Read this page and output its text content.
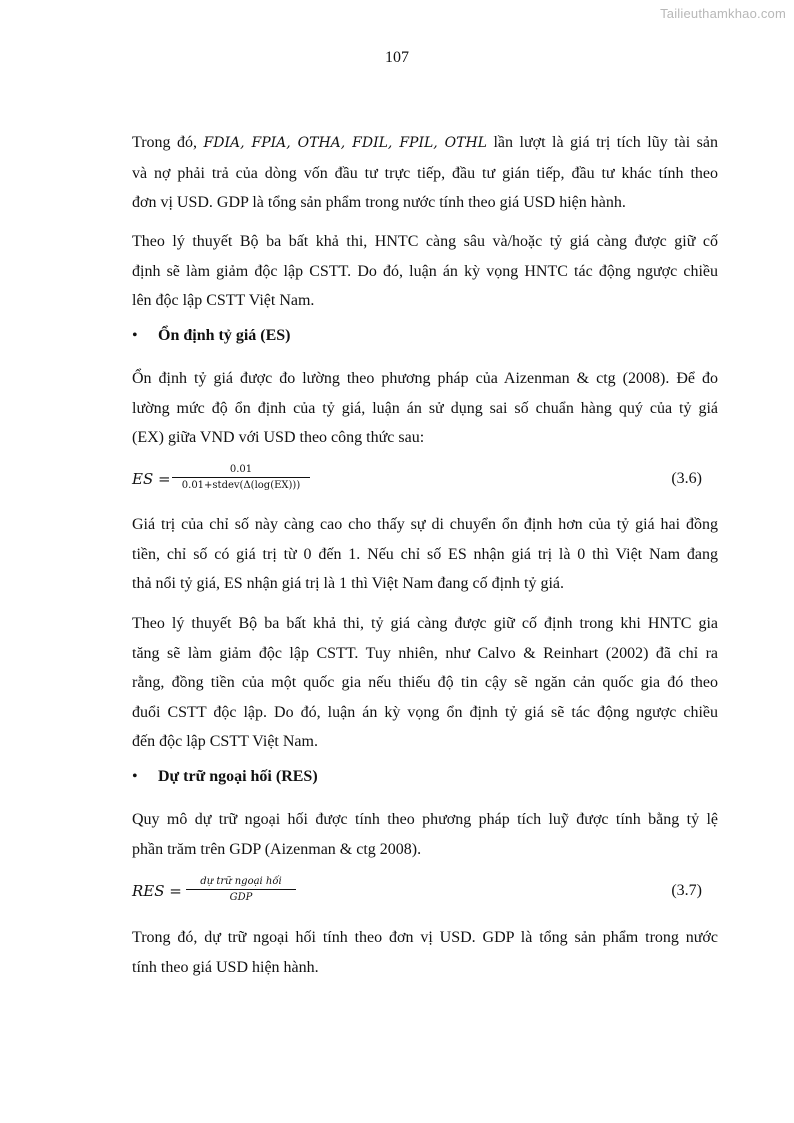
Tailieuthamkhao.com
107
Trong đó, FDIA, FPIA, OTHA, FDIL, FPIL, OTHL lần lượt là giá trị tích lũy tài sản
và nợ phải trả của dòng vốn đầu tư trực tiếp, đầu tư gián tiếp, đầu tư khác tính theo
đơn vị USD. GDP là tổng sản phẩm trong nước tính theo giá USD hiện hành.
Theo lý thuyết Bộ ba bất khả thi, HNTC càng sâu và/hoặc tỷ giá càng được giữ cố
định sẽ làm giảm độc lập CSTT. Do đó, luận án kỳ vọng HNTC tác động ngược chiều
lên độc lập CSTT Việt Nam.
• Ổn định tỷ giá (ES)
Ổn định tỷ giá được đo lường theo phương pháp của Aizenman & ctg (2008). Để đo
lường mức độ ổn định của tỷ giá, luận án sử dụng sai số chuẩn hàng quý của tỷ giá
(EX) giữa VND với USD theo công thức sau:
ES =
0.01
0.01+stdev(Δ(log(EX)))	(3.6)
Giá trị của chỉ số này càng cao cho thấy sự di chuyển ổn định hơn của tỷ giá hai đồng
tiền, chỉ số có giá trị từ 0 đến 1. Nếu chỉ số ES nhận giá trị là 0 thì Việt Nam đang
thả nổi tỷ giá, ES nhận giá trị là 1 thì Việt Nam đang cố định tỷ giá.
Theo lý thuyết Bộ ba bất khả thi, tỷ giá càng được giữ cố định trong khi HNTC gia
tăng sẽ làm giảm độc lập CSTT. Tuy nhiên, như Calvo & Reinhart (2002) đã chỉ ra
rằng, đồng tiền của một quốc gia nếu thiếu độ tin cậy sẽ ngăn cản quốc gia đó theo
đuổi CSTT độc lập. Do đó, luận án kỳ vọng ổn định tỷ giá sẽ tác động ngược chiều
đến độc lập CSTT Việt Nam.
• Dự trữ ngoại hối (RES)
Quy mô dự trữ ngoại hối được tính theo phương pháp tích luỹ được tính bằng tỷ lệ
phần trăm trên GDP (Aizenman & ctg 2008).
RES =
dự trữ ngoại hối
GDP	(3.7)
Trong đó, dự trữ ngoại hối tính theo đơn vị USD. GDP là tổng sản phẩm trong nước
tính theo giá USD hiện hành.
